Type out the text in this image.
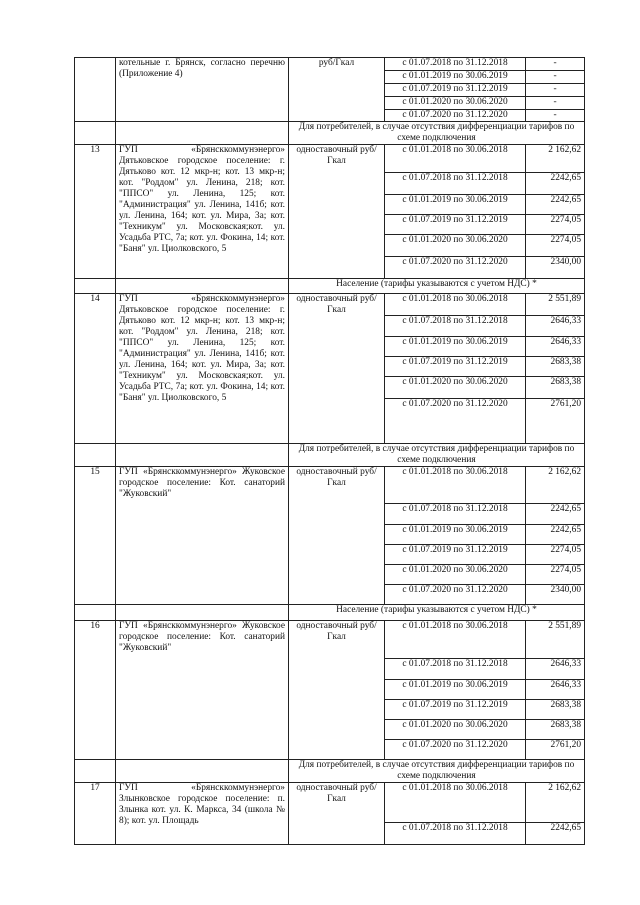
	котельные г. Брянск, согласно перечню (Приложение 4)	руб/Гкал	с 01.07.2018 по 31.12.2018	-
			с 01.01.2019 по 30.06.2019	-
			с 01.07.2019 по 31.12.2019	-
			с 01.01.2020 по 30.06.2020	-
			с 01.07.2020 по 31.12.2020	-
		Для потребителей, в случае отсутствия дифференциации тарифов по схеме подключения		
13	ГУП «Брянсккоммунэнерго» Дятьковское городское поселение: г. Дятьково кот. 12 мкр-н; кот. 13 мкр-н; кот. "Роддом" ул. Ленина, 218; кот. "ППСО" ул. Ленина, 125; кот. "Администрация" ул. Ленина, 141б; кот. ул. Ленина, 164; кот. ул. Мира, 3а; кот. "Техникум" ул. Московская;кот. ул. Усадьба РТС, 7а; кот. ул. Фокина, 14; кот. "Баня" ул. Циолковского, 5	одноставочный руб/Гкал	с 01.01.2018 по 30.06.2018	2 162,62
			с 01.07.2018 по 31.12.2018	2242,65
			с 01.01.2019 по 30.06.2019	2242,65
			с 01.07.2019 по 31.12.2019	2274,05
			с 01.01.2020 по 30.06.2020	2274,05
			с 01.07.2020 по 31.12.2020	2340,00
		Население (тарифы указываются с учетом НДС) *		
14	ГУП «Брянсккоммунэнерго» Дятьковское городское поселение: г. Дятьково кот. 12 мкр-н; кот. 13 мкр-н; кот. "Роддом" ул. Ленина, 218; кот. "ППСО" ул. Ленина, 125; кот. "Администрация" ул. Ленина, 141б; кот. ул. Ленина, 164; кот. ул. Мира, 3а; кот. "Техникум" ул. Московская;кот. ул. Усадьба РТС, 7а; кот. ул. Фокина, 14; кот. "Баня" ул. Циолковского, 5	одноставочный руб/Гкал	с 01.01.2018 по 30.06.2018	2 551,89
			с 01.07.2018 по 31.12.2018	2646,33
			с 01.01.2019 по 30.06.2019	2646,33
			с 01.07.2019 по 31.12.2019	2683,38
			с 01.01.2020 по 30.06.2020	2683,38
			с 01.07.2020 по 31.12.2020	2761,20
		Для потребителей, в случае отсутствия дифференциации тарифов по схеме подключения		
15	ГУП «Брянсккоммунэнерго» Жуковское городское поселение: Кот. санаторий "Жуковский"	одноставочный руб/Гкал	с 01.01.2018 по 30.06.2018	2 162,62
			с 01.07.2018 по 31.12.2018	2242,65
			с 01.01.2019 по 30.06.2019	2242,65
			с 01.07.2019 по 31.12.2019	2274,05
			с 01.01.2020 по 30.06.2020	2274,05
			с 01.07.2020 по 31.12.2020	2340,00
		Население (тарифы указываются с учетом НДС) *		
16	ГУП «Брянсккоммунэнерго» Жуковское городское поселение: Кот. санаторий "Жуковский"	одноставочный руб/Гкал	с 01.01.2018 по 30.06.2018	2 551,89
			с 01.07.2018 по 31.12.2018	2646,33
			с 01.01.2019 по 30.06.2019	2646,33
			с 01.07.2019 по 31.12.2019	2683,38
			с 01.01.2020 по 30.06.2020	2683,38
			с 01.07.2020 по 31.12.2020	2761,20
		Для потребителей, в случае отсутствия дифференциации тарифов по схеме подключения		
17	ГУП «Брянсккоммунэнерго» Злынковское городское поселение: п. Злынка кот. ул. К. Маркса, 34 (школа № 8); кот. ул. Площадь	одноставочный руб/Гкал	с 01.01.2018 по 30.06.2018	2 162,62
			с 01.07.2018 по 31.12.2018	2242,65
